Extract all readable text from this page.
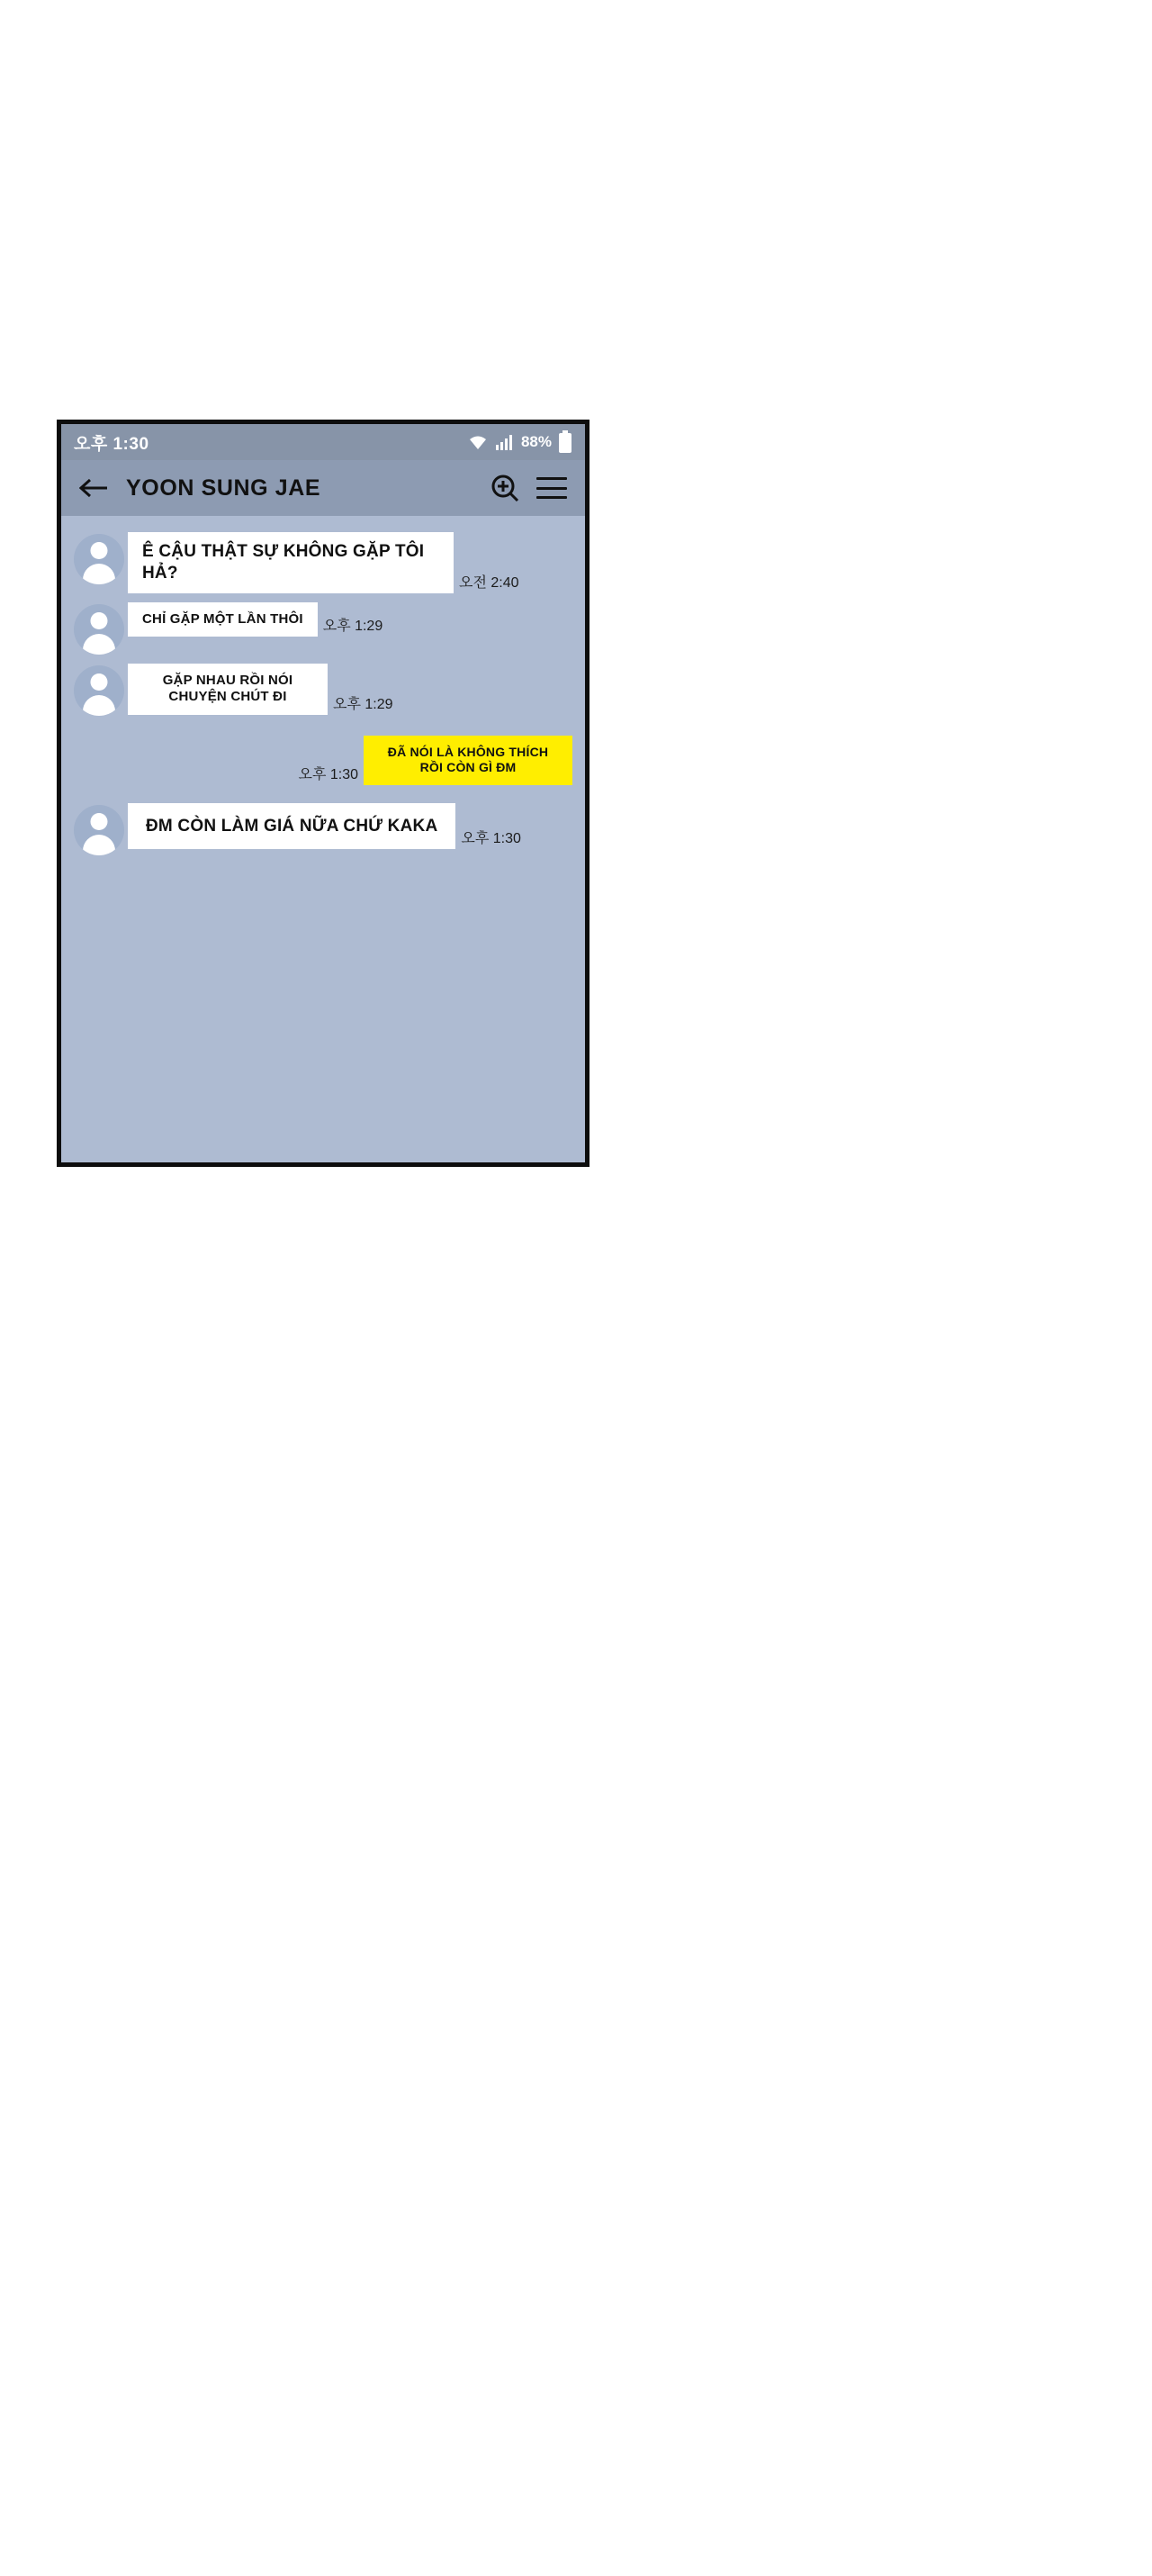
오후 1:30	88%
YOON SUNG JAE
Ê CẬU THẬT SỰ KHÔNG GẶP TÔI HẢ?
오전 2:40
CHỈ GẶP MỘT LẦN THÔI
오후 1:29
GẶP NHAU RỒI NÓI CHUYỆN CHÚT ĐI
오후 1:29
오후 1:30
ĐÃ NÓI LÀ KHÔNG THÍCH RỒI CÒN GÌ ĐM
ĐM CÒN LÀM GIÁ NỮA CHỨ KAKA
오후 1:30
